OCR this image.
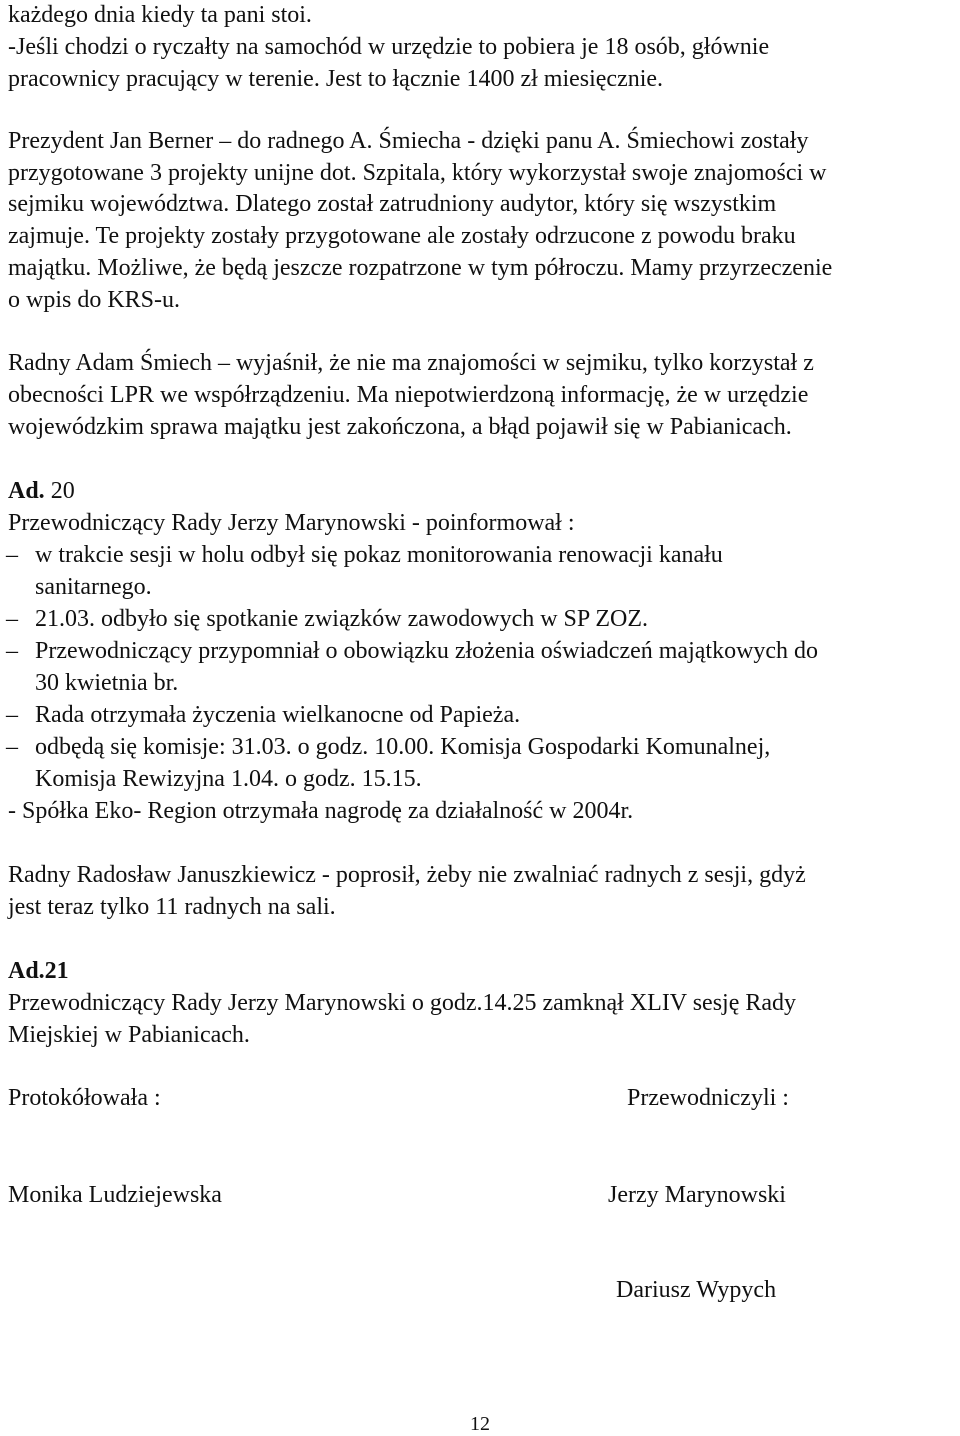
każdego dnia kiedy ta pani stoi.
-Jeśli chodzi o ryczałty na samochód w urzędzie to pobiera je 18 osób, głównie
pracownicy pracujący w terenie. Jest to łącznie 1400 zł miesięcznie.
Prezydent Jan Berner – do radnego A. Śmiecha - dzięki panu A. Śmiechowi zostały
przygotowane 3 projekty unijne dot. Szpitala, który wykorzystał swoje znajomości w
sejmiku województwa. Dlatego został zatrudniony audytor, który się wszystkim
zajmuje. Te projekty zostały przygotowane ale zostały odrzucone z powodu braku
majątku. Możliwe, że będą jeszcze rozpatrzone w tym półroczu. Mamy przyrzeczenie
o wpis do KRS-u.
Radny Adam Śmiech – wyjaśnił, że nie ma znajomości w sejmiku, tylko korzystał z
obecności LPR we współrządzeniu. Ma niepotwierdzoną informację, że w urzędzie
wojewódzkim sprawa majątku jest zakończona, a błąd pojawił się w Pabianicach.
Ad. 20
Przewodniczący Rady Jerzy Marynowski - poinformował :
– w trakcie sesji w holu odbył się pokaz monitorowania renowacji kanału
sanitarnego.
– 21.03. odbyło się spotkanie związków zawodowych w SP ZOZ.
– Przewodniczący przypomniał o obowiązku złożenia oświadczeń majątkowych do
30 kwietnia br.
– Rada otrzymała życzenia wielkanocne od Papieża.
– odbędą się komisje: 31.03. o godz. 10.00. Komisja Gospodarki Komunalnej,
Komisja Rewizyjna 1.04. o godz. 15.15.
- Spółka Eko- Region otrzymała nagrodę za działalność w 2004r.
Radny Radosław Januszkiewicz - poprosił, żeby nie zwalniać radnych z sesji, gdyż
jest teraz tylko 11 radnych na sali.
Ad.21
Przewodniczący Rady Jerzy Marynowski o godz.14.25 zamknął XLIV sesję Rady
Miejskiej w Pabianicach.
Protokółowała :	Przewodniczyli :
Monika Ludziejewska	Jerzy Marynowski
Dariusz Wypych
12
